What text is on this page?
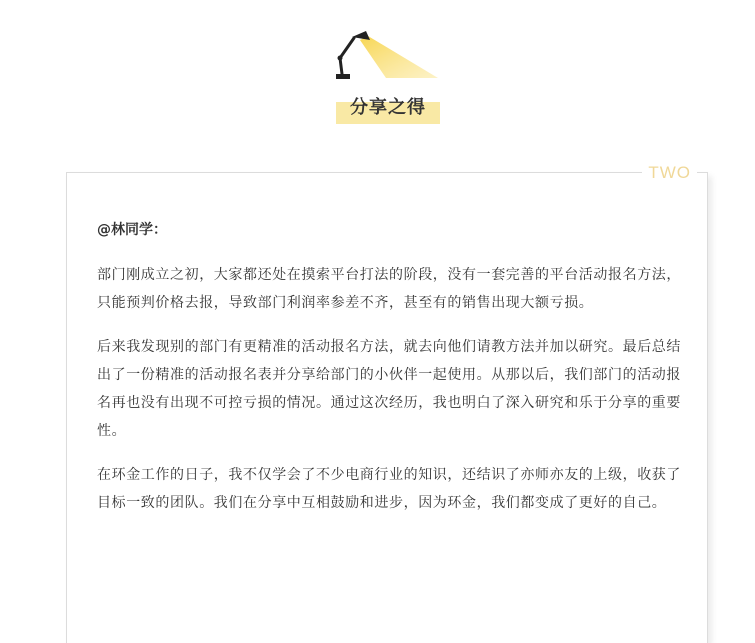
分享之得
TWO

@林同学：

部门刚成立之初，大家都还处在摸索平台打法的阶段，没有一套完善的平台活动报名方法，只能预判价格去报，导致部门利润率参差不齐，甚至有的销售出现大额亏损。

后来我发现别的部门有更精准的活动报名方法，就去向他们请教方法并加以研究。最后总结出了一份精准的活动报名表并分享给部门的小伙伴一起使用。从那以后，我们部门的活动报名再也没有出现不可控亏损的情况。通过这次经历，我也明白了深入研究和乐于分享的重要性。

在环金工作的日子，我不仅学会了不少电商行业的知识，还结识了亦师亦友的上级，收获了目标一致的团队。我们在分享中互相鼓励和进步，因为环金，我们都变成了更好的自己。
